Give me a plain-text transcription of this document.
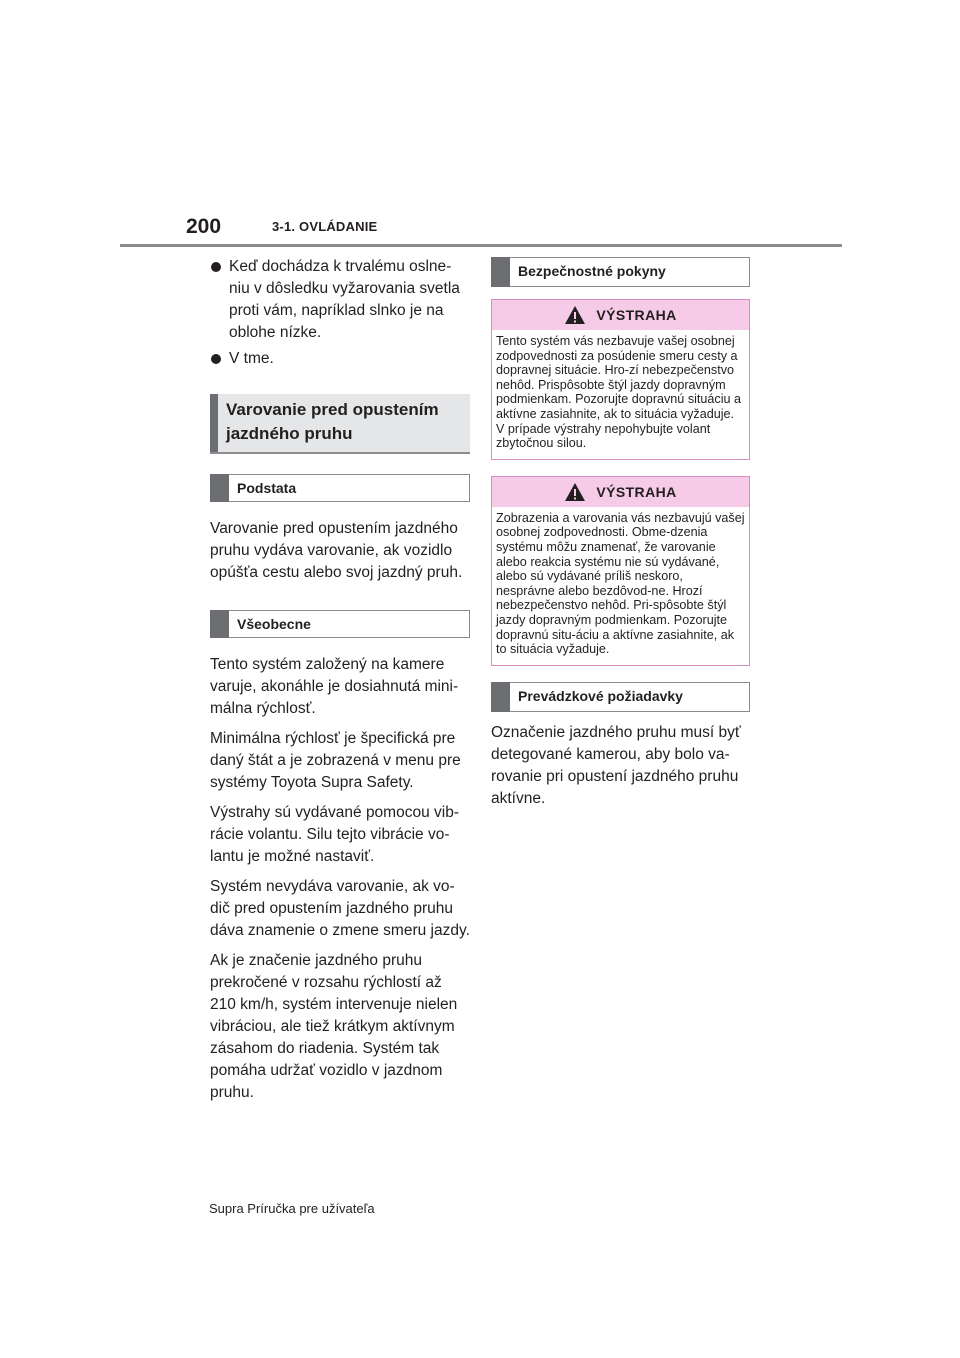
200	3-1. OVLÁDANIE
Keď dochádza k trvalému oslne-niu v dôsledku vyžarovania svetla proti vám, napríklad slnko je na oblohe nízke.
V tme.
Varovanie pred opustením jazdného pruhu
Podstata

Varovanie pred opustením jazdného pruhu vydáva varovanie, ak vozidlo opúšťa cestu alebo svoj jazdný pruh.

Všeobecne

Tento systém založený na kamere varuje, akonáhle je dosiahnutá mini-málna rýchlosť.

Minimálna rýchlosť je špecifická pre daný štát a je zobrazená v menu pre systémy Toyota Supra Safety.

Výstrahy sú vydávané pomocou vib-rácie volantu. Silu tejto vibrácie vo-lantu je možné nastaviť.

Systém nevydáva varovanie, ak vo-dič pred opustením jazdného pruhu dáva znamenie o zmene smeru jazdy.

Ak je značenie jazdného pruhu prekročené v rozsahu rýchlostí až 210 km/h, systém intervenuje nielen vibráciou, ale tiež krátkym aktívnym zásahom do riadenia. Systém tak pomáha udržať vozidlo v jazdnom pruhu.

Bezpečnostné pokyny
VÝSTRAHA
Tento systém vás nezbavuje vašej osobnej zodpovednosti za posúdenie smeru cesty a dopravnej situácie. Hro-zí nebezpečenstvo nehôd. Prispôsobte štýl jazdy dopravným podmienkam. Pozorujte dopravnú situáciu a aktívne zasiahnite, ak to situácia vyžaduje. V prípade výstrahy nepohybujte volant zbytočnou silou.
VÝSTRAHA
Zobrazenia a varovania vás nezbavujú vašej osobnej zodpovednosti. Obme-dzenia systému môžu znamenať, že varovanie alebo reakcia systému nie sú vydávané, alebo sú vydávané príliš neskoro, nesprávne alebo bezdôvod-ne. Hrozí nebezpečenstvo nehôd. Pri-spôsobte štýl jazdy dopravným podmienkam. Pozorujte dopravnú situ-áciu a aktívne zasiahnite, ak to situácia vyžaduje.
Prevádzkové požiadavky

Označenie jazdného pruhu musí byť detegované kamerou, aby bolo va-rovanie pri opustení jazdného pruhu aktívne.

Supra Príručka pre užívateľa
